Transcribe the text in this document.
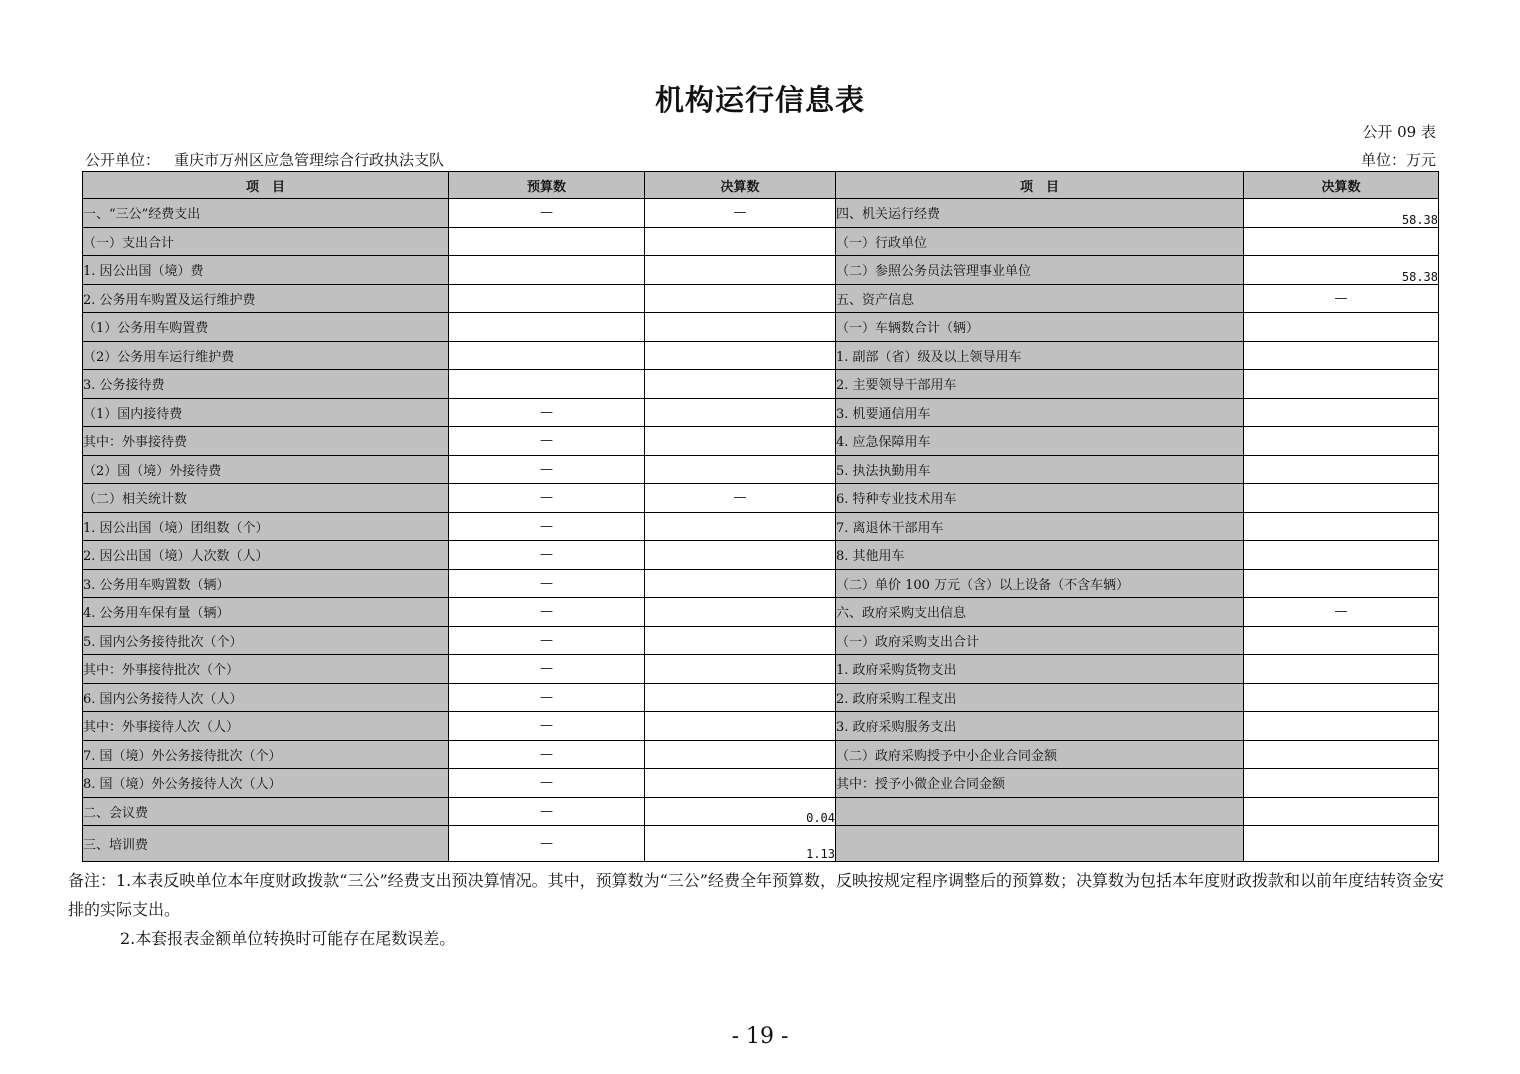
机构运行信息表
公开 09 表
公开单位： 重庆市万州区应急管理综合行政执法支队	单位：万元
项　目	预算数	决算数	项　目	决算数
一、“三公”经费支出	—	—	四、机关运行经费	58.38
（一）支出合计			（一）行政单位	
1. 因公出国（境）费			（二）参照公务员法管理事业单位	58.38
2. 公务用车购置及运行维护费			五、资产信息	—
（1）公务用车购置费			（一）车辆数合计（辆）	
（2）公务用车运行维护费			1. 副部（省）级及以上领导用车	
3. 公务接待费			2. 主要领导干部用车	
（1）国内接待费	—		3. 机要通信用车	
其中：外事接待费	—		4. 应急保障用车	
（2）国（境）外接待费	—		5. 执法执勤用车	
（二）相关统计数	—	—	6. 特种专业技术用车	
1. 因公出国（境）团组数（个）	—		7. 离退休干部用车	
2. 因公出国（境）人次数（人）	—		8. 其他用车	
3. 公务用车购置数（辆）	—		（二）单价 100 万元（含）以上设备（不含车辆）	
4. 公务用车保有量（辆）	—		六、政府采购支出信息	—
5. 国内公务接待批次（个）	—		（一）政府采购支出合计	
其中：外事接待批次（个）	—		1. 政府采购货物支出	
6. 国内公务接待人次（人）	—		2. 政府采购工程支出	
其中：外事接待人次（人）	—		3. 政府采购服务支出	
7. 国（境）外公务接待批次（个）	—		（二）政府采购授予中小企业合同金额	
8. 国（境）外公务接待人次（人）	—		其中：授予小微企业合同金额	
二、会议费	—	0.04		
三、培训费	—	1.13		

备注：1.本表反映单位本年度财政拨款“三公”经费支出预决算情况。其中，预算数为“三公”经费全年预算数，反映按规定程序调整后的预算数；决算数为包括本年度财政拨款和以前年度结转资金安排的实际支出。

2.本套报表金额单位转换时可能存在尾数误差。

- 19 -
